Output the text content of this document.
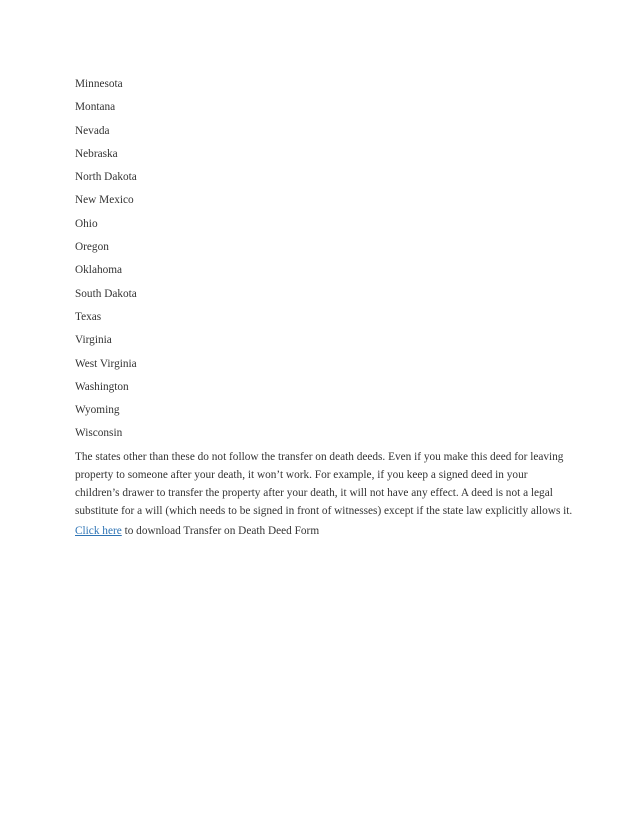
Minnesota
Montana
Nevada
Nebraska
North Dakota
New Mexico
Ohio
Oregon
Oklahoma
South Dakota
Texas
Virginia
West Virginia
Washington
Wyoming
Wisconsin

The states other than these do not follow the transfer on death deeds. Even if you make this deed for leaving property to someone after your death, it won’t work. For example, if you keep a signed deed in your children’s drawer to transfer the property after your death, it will not have any effect. A deed is not a legal substitute for a will (which needs to be signed in front of witnesses) except if the state law explicitly allows it.

Click here to download Transfer on Death Deed Form
